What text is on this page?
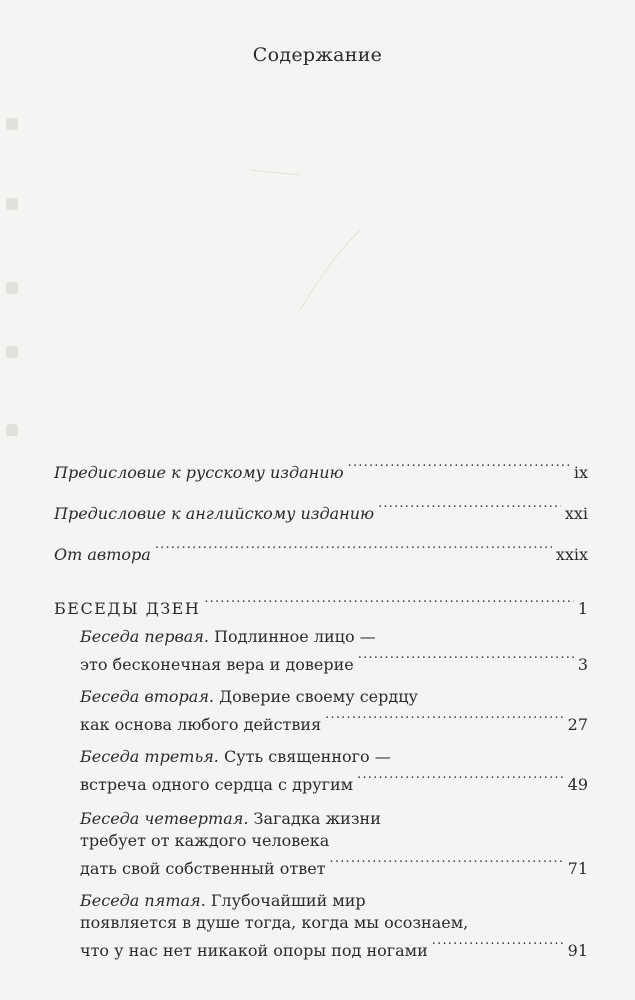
Содержание
Предисловие к русскому изданию .....	ix
Предисловие к английскому изданию .....	xxi
От автора .....	xxix
БЕСЕДЫ ДЗЕН .....	1
Беседа первая.
Подлинное лицо —
это бесконечная вера и доверие .....	3
Беседа вторая.
Доверие своему сердцу
как основа любого действия .....	27
Беседа третья.
Суть священного —
встреча одного сердца с другим .....	49
Беседа четвертая.
Загадка жизни
требует от каждого человека
дать свой собственный ответ .....	71
Беседа пятая.
Глубочайший мир
появляется в душе тогда, когда мы осознаем,
что у нас нет никакой опоры под ногами .....	91
